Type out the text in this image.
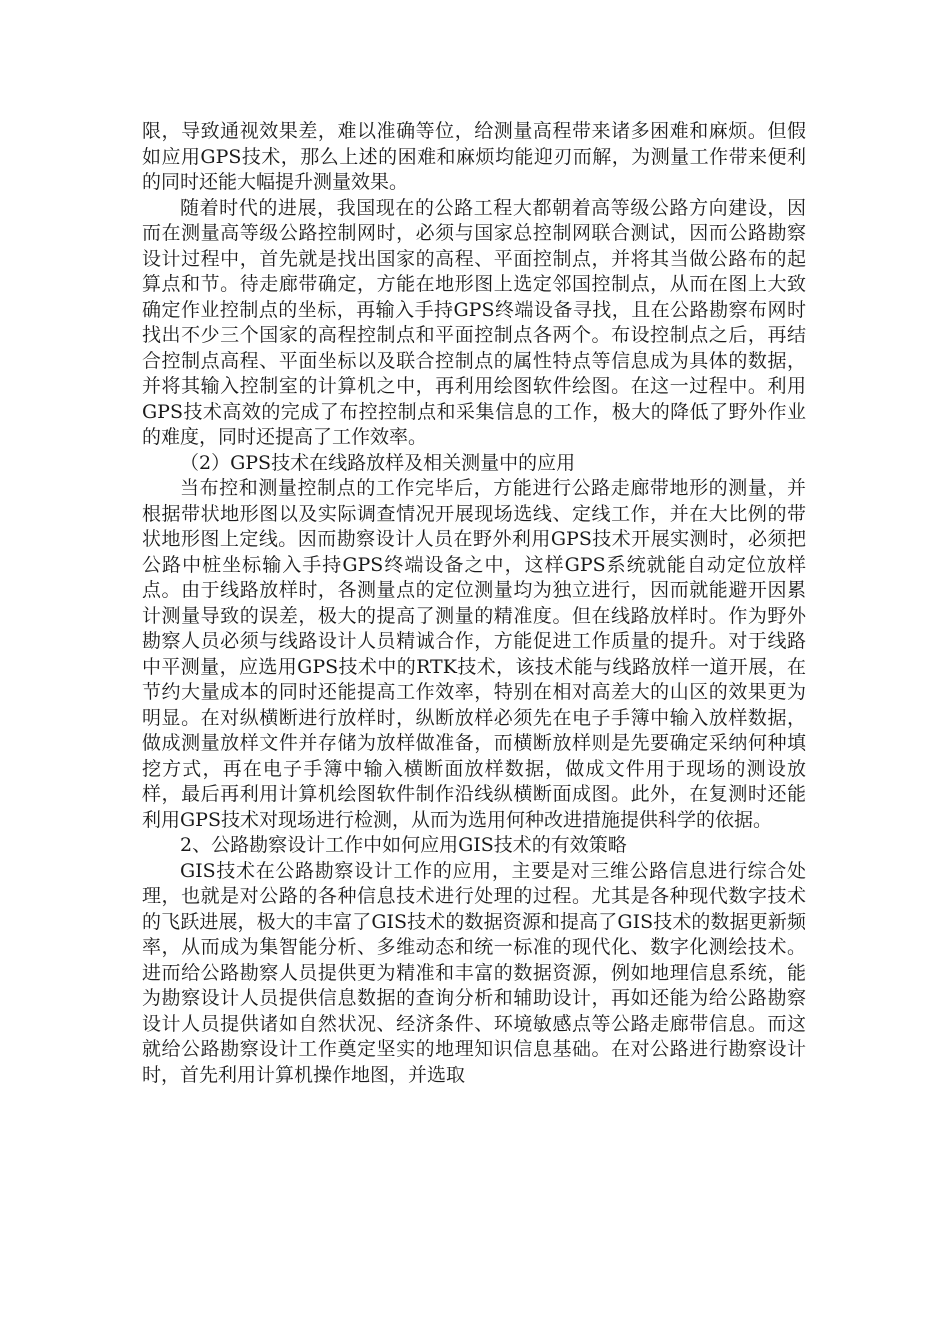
限，导致通视效果差，难以准确等位，给测量高程带来诸多困难和麻烦。但假如应用GPS技术，那么上述的困难和麻烦均能迎刃而解，为测量工作带来便利的同时还能大幅提升测量效果。

随着时代的进展，我国现在的公路工程大都朝着高等级公路方向建设，因而在测量高等级公路控制网时，必须与国家总控制网联合测试，因而公路勘察设计过程中，首先就是找出国家的高程、平面控制点，并将其当做公路布的起算点和节。待走廊带确定，方能在地形图上选定邻国控制点，从而在图上大致确定作业控制点的坐标，再输入手持GPS终端设备寻找，且在公路勘察布网时找出不少三个国家的高程控制点和平面控制点各两个。布设控制点之后，再结合控制点高程、平面坐标以及联合控制点的属性特点等信息成为具体的数据，并将其输入控制室的计算机之中，再利用绘图软件绘图。在这一过程中。利用GPS技术高效的完成了布控控制点和采集信息的工作，极大的降低了野外作业的难度，同时还提高了工作效率。

（2）GPS技术在线路放样及相关测量中的应用

当布控和测量控制点的工作完毕后，方能进行公路走廊带地形的测量，并根据带状地形图以及实际调查情况开展现场选线、定线工作，并在大比例的带状地形图上定线。因而勘察设计人员在野外利用GPS技术开展实测时，必须把公路中桩坐标输入手持GPS终端设备之中，这样GPS系统就能自动定位放样点。由于线路放样时，各测量点的定位测量均为独立进行，因而就能避开因累计测量导致的误差，极大的提高了测量的精准度。但在线路放样时。作为野外勘察人员必须与线路设计人员精诚合作，方能促进工作质量的提升。对于线路中平测量，应选用GPS技术中的RTK技术，该技术能与线路放样一道开展，在节约大量成本的同时还能提高工作效率，特别在相对高差大的山区的效果更为明显。在对纵横断进行放样时，纵断放样必须先在电子手簿中输入放样数据，做成测量放样文件并存储为放样做准备，而横断放样则是先要确定采纳何种填挖方式，再在电子手簿中输入横断面放样数据，做成文件用于现场的测设放样，最后再利用计算机绘图软件制作沿线纵横断面成图。此外，在复测时还能利用GPS技术对现场进行检测，从而为选用何种改进措施提供科学的依据。

2、公路勘察设计工作中如何应用GIS技术的有效策略

GIS技术在公路勘察设计工作的应用，主要是对三维公路信息进行综合处理，也就是对公路的各种信息技术进行处理的过程。尤其是各种现代数字技术的飞跃进展，极大的丰富了GIS技术的数据资源和提高了GIS技术的数据更新频率，从而成为集智能分析、多维动态和统一标准的现代化、数字化测绘技术。进而给公路勘察人员提供更为精准和丰富的数据资源，例如地理信息系统，能为勘察设计人员提供信息数据的查询分析和辅助设计，再如还能为给公路勘察设计人员提供诸如自然状况、经济条件、环境敏感点等公路走廊带信息。而这就给公路勘察设计工作奠定坚实的地理知识信息基础。在对公路进行勘察设计时，首先利用计算机操作地图，并选取
